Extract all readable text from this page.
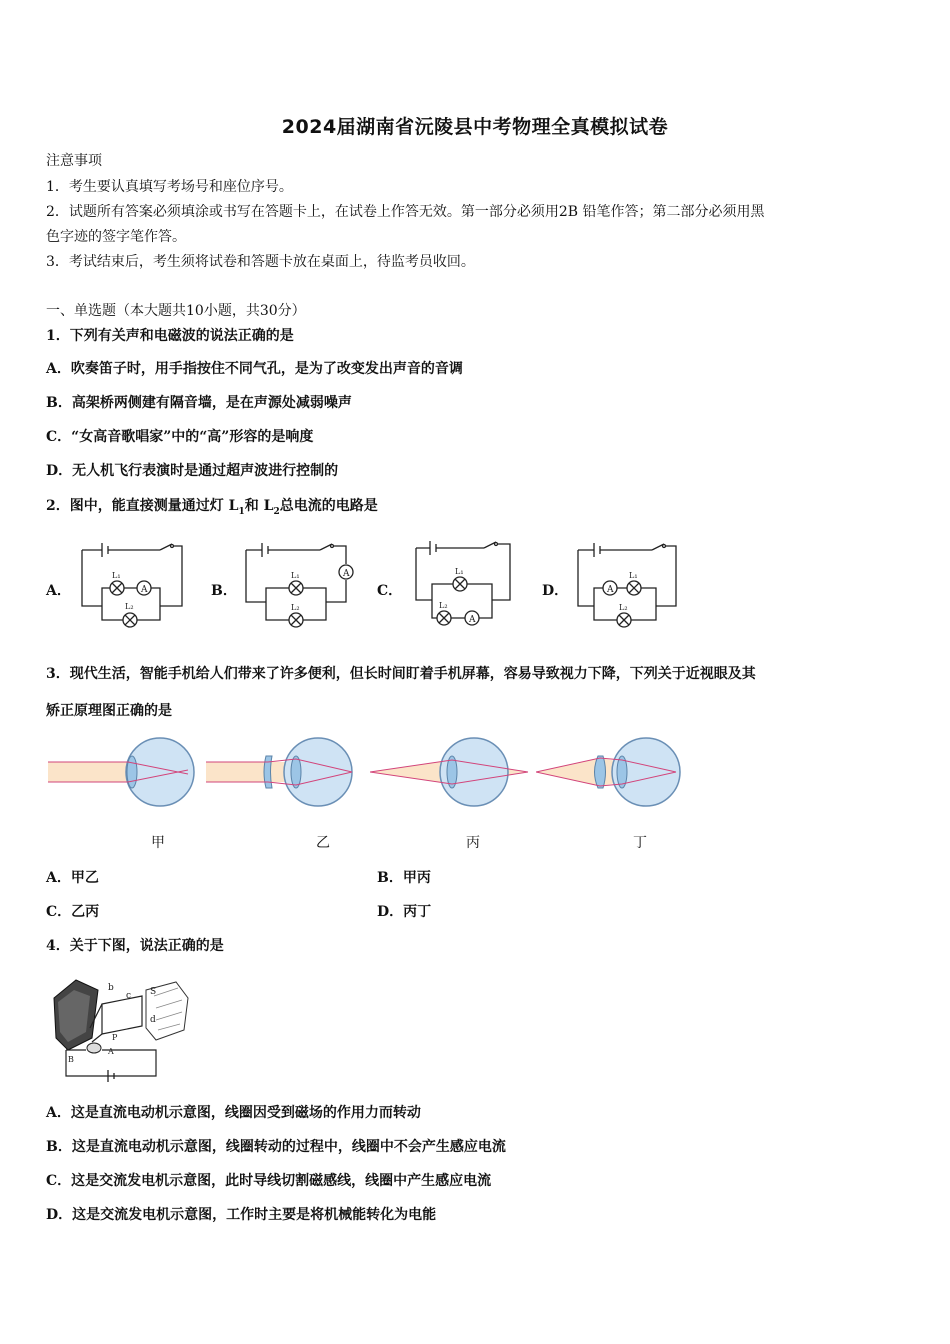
2024届湖南省沅陵县中考物理全真模拟试卷
注意事项
1．考生要认真填写考场号和座位序号。
2．试题所有答案必须填涂或书写在答题卡上，在试卷上作答无效。第一部分必须用2B 铅笔作答；第二部分必须用黑
色字迹的签字笔作答。
3．考试结束后，考生须将试卷和答题卡放在桌面上，待监考员收回。
一、单选题（本大题共10小题，共30分）
1．下列有关声和电磁波的说法正确的是
A．吹奏笛子时，用手指按住不同气孔，是为了改变发出声音的音调
B．高架桥两侧建有隔音墙，是在声源处减弱噪声
C．“女高音歌唱家”中的“高”形容的是响度
D．无人机飞行表演时是通过超声波进行控制的
2．图中，能直接测量通过灯 $L_1$和 $L_2$总电流的电路是
A．	B．	C．	D．
A
L₁
L₂
A
L₁
L₂
A
L₁
L₂
A
L₁
L₂
3．现代生活，智能手机给人们带来了许多便利，但长时间盯着手机屏幕，容易导致视力下降，下列关于近视眼及其
矫正原理图正确的是
甲	乙	丙	丁
A．甲乙	B．甲丙
C．乙丙	D．丙丁
4．关于下图，说法正确的是
b
c S
d
P
B
A
A．这是直流电动机示意图，线圈因受到磁场的作用力而转动
B．这是直流电动机示意图，线圈转动的过程中，线圈中不会产生感应电流
C．这是交流发电机示意图，此时导线切割磁感线，线圈中产生感应电流
D．这是交流发电机示意图，工作时主要是将机械能转化为电能
